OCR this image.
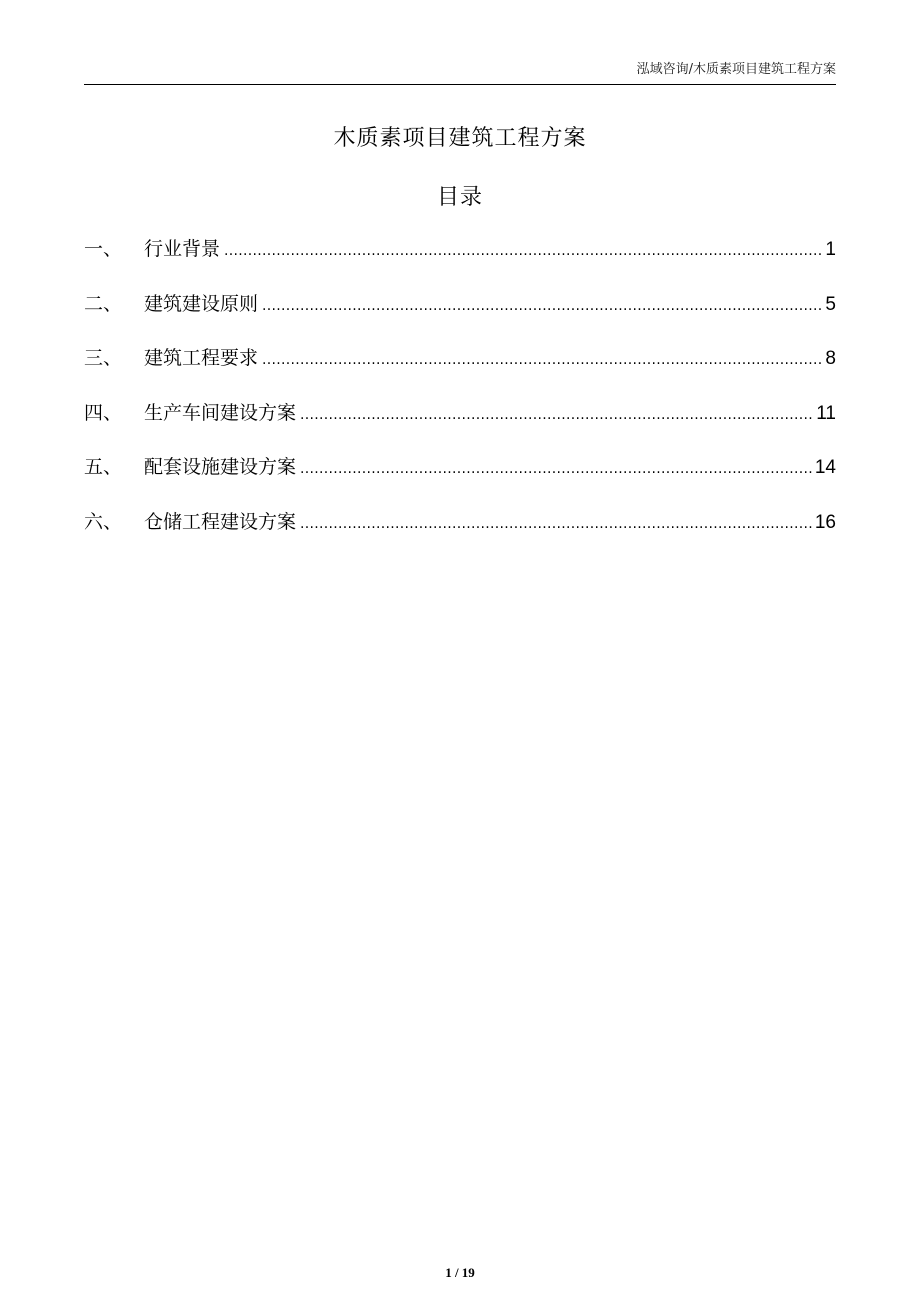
泓域咨询/木质素项目建筑工程方案
木质素项目建筑工程方案
目录
一、	行业背景 .....	1
二、	建筑建设原则 .....	5
三、	建筑工程要求 .....	8
四、	生产车间建设方案 .....	11
五、	配套设施建设方案 .....	14
六、	仓储工程建设方案 .....	16
1 / 19
